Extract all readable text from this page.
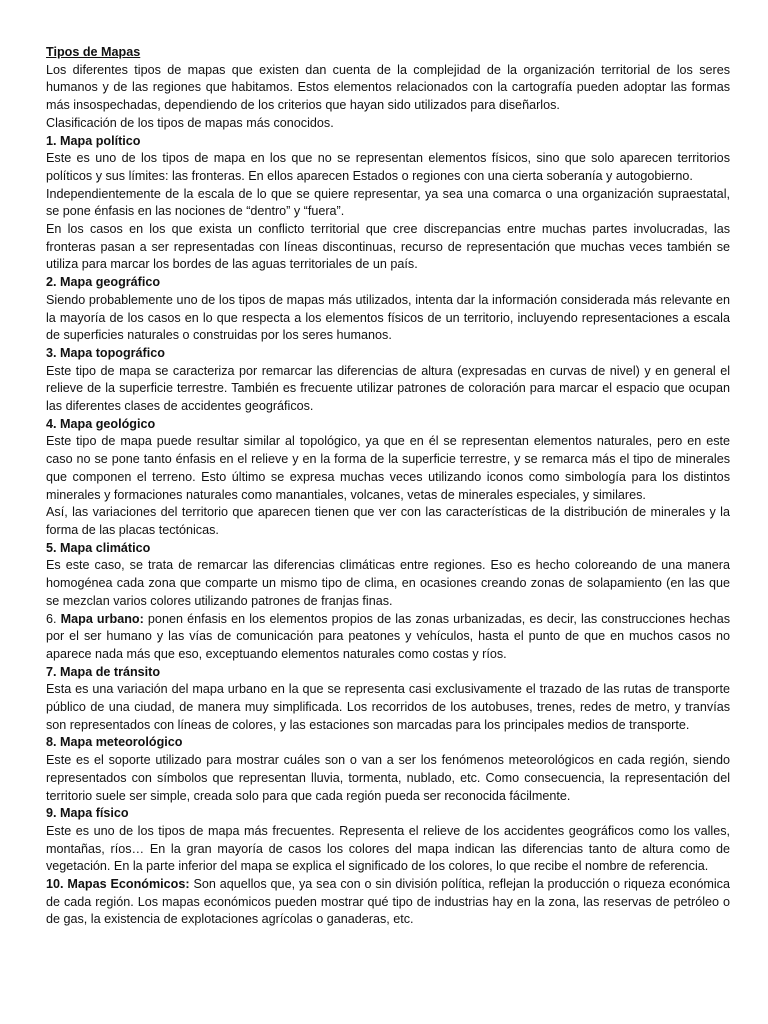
Tipos de Mapas

Los diferentes tipos de mapas que existen dan cuenta de la complejidad de la organización territorial de los seres humanos y de las regiones que habitamos. Estos elementos relacionados con la cartografía pueden adoptar las formas más insospechadas, dependiendo de los criterios que hayan sido utilizados para diseñarlos.

Clasificación de los tipos de mapas más conocidos.

1. Mapa político

Este es uno de los tipos de mapa en los que no se representan elementos físicos, sino que solo aparecen territorios políticos y sus límites: las fronteras. En ellos aparecen Estados o regiones con una cierta soberanía y autogobierno.

Independientemente de la escala de lo que se quiere representar, ya sea una comarca o una organización supraestatal, se pone énfasis en las nociones de “dentro” y “fuera”.

En los casos en los que exista un conflicto territorial que cree discrepancias entre muchas partes involucradas, las fronteras pasan a ser representadas con líneas discontinuas, recurso de representación que muchas veces también se utiliza para marcar los bordes de las aguas territoriales de un país.

2. Mapa geográfico

Siendo probablemente uno de los tipos de mapas más utilizados, intenta dar la información considerada más relevante en la mayoría de los casos en lo que respecta a los elementos físicos de un territorio, incluyendo representaciones a escala de superficies naturales o construidas por los seres humanos.

3. Mapa topográfico

Este tipo de mapa se caracteriza por remarcar las diferencias de altura (expresadas en curvas de nivel) y en general el relieve de la superficie terrestre. También es frecuente utilizar patrones de coloración para marcar el espacio que ocupan las diferentes clases de accidentes geográficos.

4. Mapa geológico

Este tipo de mapa puede resultar similar al topológico, ya que en él se representan elementos naturales, pero en este caso no se pone tanto énfasis en el relieve y en la forma de la superficie terrestre, y se remarca más el tipo de minerales que componen el terreno. Esto último se expresa muchas veces utilizando iconos como simbología para los distintos minerales y formaciones naturales como manantiales, volcanes, vetas de minerales especiales, y similares.

Así, las variaciones del territorio que aparecen tienen que ver con las características de la distribución de minerales y la forma de las placas tectónicas.

5. Mapa climático

Es este caso, se trata de remarcar las diferencias climáticas entre regiones. Eso es hecho coloreando de una manera homogénea cada zona que comparte un mismo tipo de clima, en ocasiones creando zonas de solapamiento (en las que se mezclan varios colores utilizando patrones de franjas finas.

6. Mapa urbano: ponen énfasis en los elementos propios de las zonas urbanizadas, es decir, las construcciones hechas por el ser humano y las vías de comunicación para peatones y vehículos, hasta el punto de que en muchos casos no aparece nada más que eso, exceptuando elementos naturales como costas y ríos.

7. Mapa de tránsito

Esta es una variación del mapa urbano en la que se representa casi exclusivamente el trazado de las rutas de transporte público de una ciudad, de manera muy simplificada. Los recorridos de los autobuses, trenes, redes de metro, y tranvías son representados con líneas de colores, y las estaciones son marcadas para los principales medios de transporte.

8. Mapa meteorológico

Este es el soporte utilizado para mostrar cuáles son o van a ser los fenómenos meteorológicos en cada región, siendo representados con símbolos que representan lluvia, tormenta, nublado, etc. Como consecuencia, la representación del territorio suele ser simple, creada solo para que cada región pueda ser reconocida fácilmente.

9. Mapa físico

Este es uno de los tipos de mapa más frecuentes. Representa el relieve de los accidentes geográficos como los valles, montañas, ríos… En la gran mayoría de casos los colores del mapa indican las diferencias tanto de altura como de vegetación. En la parte inferior del mapa se explica el significado de los colores, lo que recibe el nombre de referencia.

10. Mapas Económicos: Son aquellos que, ya sea con o sin división política, reflejan la producción o riqueza económica de cada región. Los mapas económicos pueden mostrar qué tipo de industrias hay en la zona, las reservas de petróleo o de gas, la existencia de explotaciones agrícolas o ganaderas, etc.
